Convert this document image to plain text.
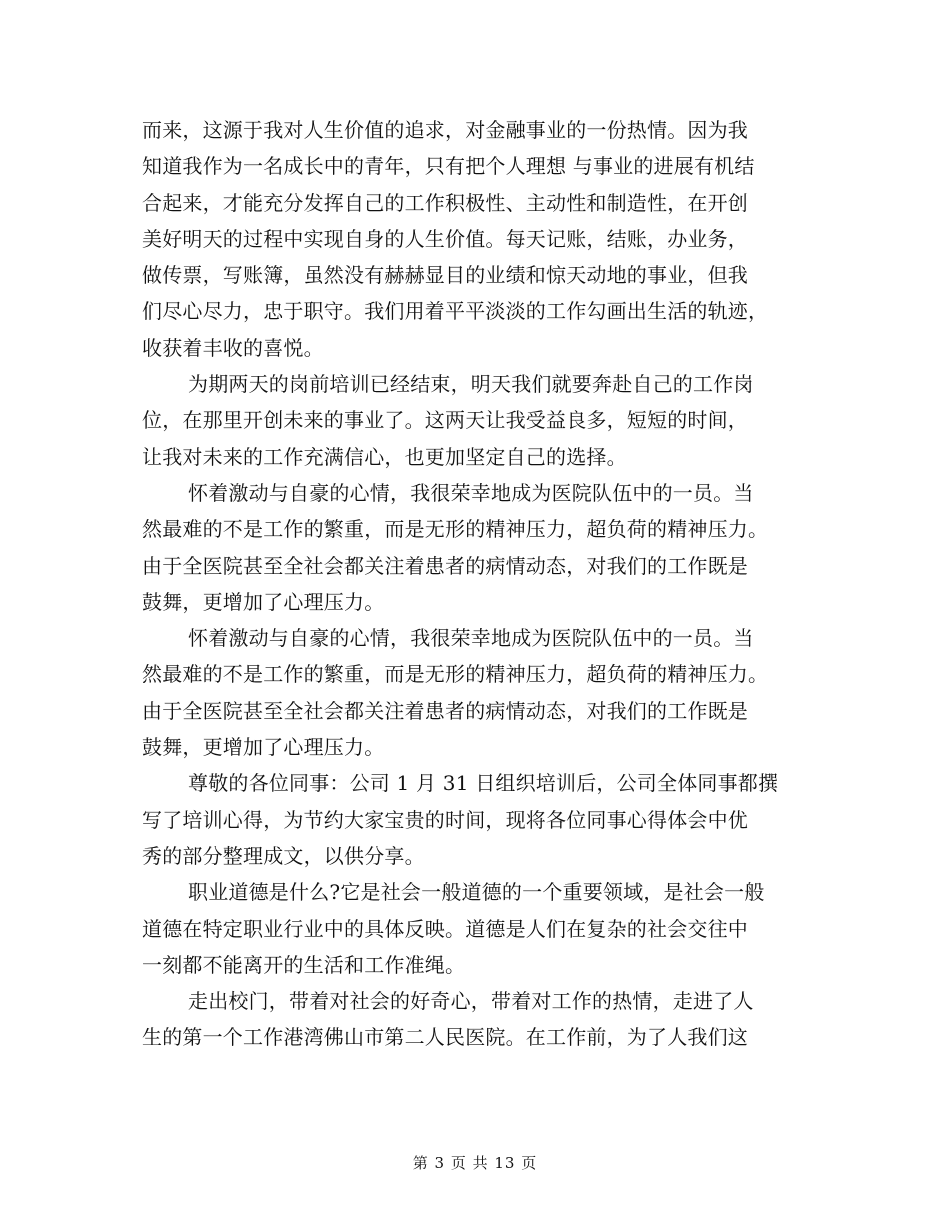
而来，这源于我对人生价值的追求，对金融事业的一份热情。因为我
知道我作为一名成长中的青年，只有把个人理想 与事业的进展有机结
合起来，才能充分发挥自己的工作积极性、主动性和制造性，在开创
美好明天的过程中实现自身的人生价值。每天记账，结账，办业务，
做传票，写账簿，虽然没有赫赫显目的业绩和惊天动地的事业，但我
们尽心尽力，忠于职守。我们用着平平淡淡的工作勾画出生活的轨迹，
收获着丰收的喜悦。
为期两天的岗前培训已经结束，明天我们就要奔赴自己的工作岗
位，在那里开创未来的事业了。这两天让我受益良多，短短的时间，
让我对未来的工作充满信心，也更加坚定自己的选择。
怀着激动与自豪的心情，我很荣幸地成为医院队伍中的一员。当
然最难的不是工作的繁重，而是无形的精神压力，超负荷的精神压力。
由于全医院甚至全社会都关注着患者的病情动态，对我们的工作既是
鼓舞，更增加了心理压力。
怀着激动与自豪的心情，我很荣幸地成为医院队伍中的一员。当
然最难的不是工作的繁重，而是无形的精神压力，超负荷的精神压力。
由于全医院甚至全社会都关注着患者的病情动态，对我们的工作既是
鼓舞，更增加了心理压力。
尊敬的各位同事：公司 1 月 31 日组织培训后，公司全体同事都撰
写了培训心得，为节约大家宝贵的时间，现将各位同事心得体会中优
秀的部分整理成文，以供分享。
职业道德是什么?它是社会一般道德的一个重要领域，是社会一般
道德在特定职业行业中的具体反映。道德是人们在复杂的社会交往中
一刻都不能离开的生活和工作准绳。
走出校门，带着对社会的好奇心，带着对工作的热情，走进了人
生的第一个工作港湾佛山市第二人民医院。在工作前，为了人我们这
第 3 页 共 13 页
